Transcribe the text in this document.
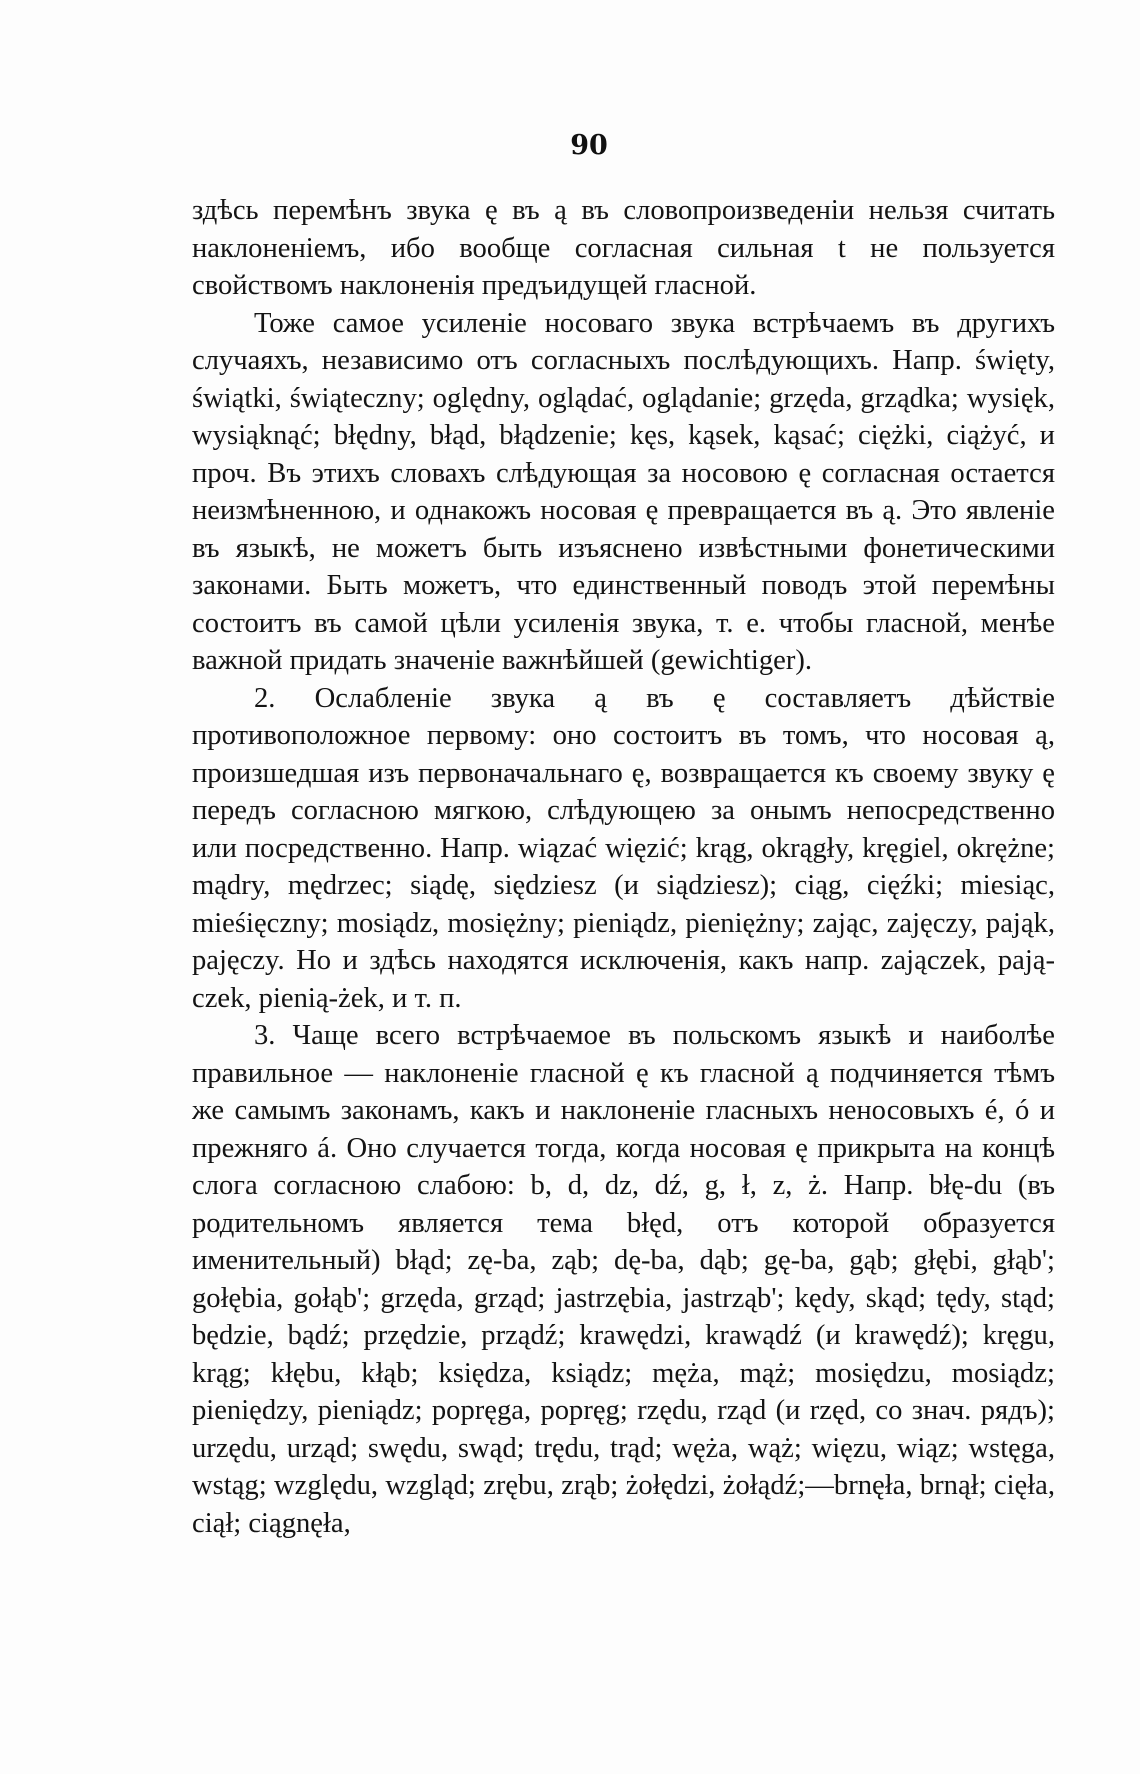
90

здѣсь перемѣнъ звука ę въ ą въ словопроизведеніи нельзя считать наклоненіемъ, ибо вообще согласная сильная t не пользуется свойствомъ наклоненія предъидущей гласной.

Тоже самое усиленіе носоваго звука встрѣчаемъ въ другихъ случаяхъ, независимо отъ согласныхъ послѣдующихъ. Напр. święty, świątki, świąteczny; oględny, oglądać, oglądanie; grzęda, grządka; wysięk, wysiąknąć; błędny, błąd, błądzenie; kęs, kąsek, kąsać; ciężki, ciążyć, и проч. Въ этихъ словахъ слѣдующая за носовою ę согласная остается неизмѣненною, и однакожъ носовая ę превращается въ ą. Это явленіе въ языкѣ, не можетъ быть изъяснено извѣстными фонетическими законами. Быть можетъ, что единственный поводъ этой перемѣны состоитъ въ самой цѣли усиленія звука, т. е. чтобы гласной, менѣе важной придать значеніе важнѣйшей (gewichtiger).

2. Ослабленіе звука ą въ ę составляетъ дѣйствіе противоположное первому: оно состоитъ въ томъ, что носовая ą, произшедшая изъ первоначальнаго ę, возвращается къ своему звуку ę передъ согласною мягкою, слѣдующею за онымъ непосредственно или посредственно. Напр. wiązać więzić; krąg, okrągły, kręgiel, okrężne; mądry, mędrzec; siądę, siędziesz (и siądziesz); ciąg, cięźki; miesiąc, mieśięczny; mosiądz, mosiężny; pieniądz, pieniężny; zając, zajęczy, pająk, pajęczy. Но и здѣсь находятся исключенія, какъ напр. zajączek, pają-czek, pienią-żek, и т. п.

3. Чаще всего встрѣчаемое въ польскомъ языкѣ и наиболѣе правильное — наклоненіе гласной ę къ гласной ą подчиняется тѣмъ же самымъ законамъ, какъ и наклоненіе гласныхъ неносовыхъ é, ó и прежняго á. Оно случается тогда, когда носовая ę прикрыта на концѣ слога согласною слабою: b, d, dz, dź, g, ł, z, ż. Напр. błę-du (въ родительномъ является тема błęd, отъ которой образуется именительный) błąd; zę-ba, ząb; dę-ba, dąb; gę-ba, gąb; głębi, głąb'; gołębia, gołąb'; grzęda, grząd; jastrzębia, jastrząb'; kędy, skąd; tędy, stąd; będzie, bądź; przędzie, prządź; krawędzi, krawądź (и krawędź); kręgu, krąg; kłębu, kłąb; księdza, ksiądz; męża, mąż; mosiędzu, mosiądz; pieniędzy, pieniądz; popręga, popręg; rzędu, rząd (и rzęd, со знач. рядъ); urzędu, urząd; swędu, swąd; trędu, trąd; węża, wąż; więzu, wiąz; wstęga, wstąg; względu, wzgląd; zrębu, zrąb; żołędzi, żołądź;—brnęła, brnął; cięła, ciął; ciągnęła,
